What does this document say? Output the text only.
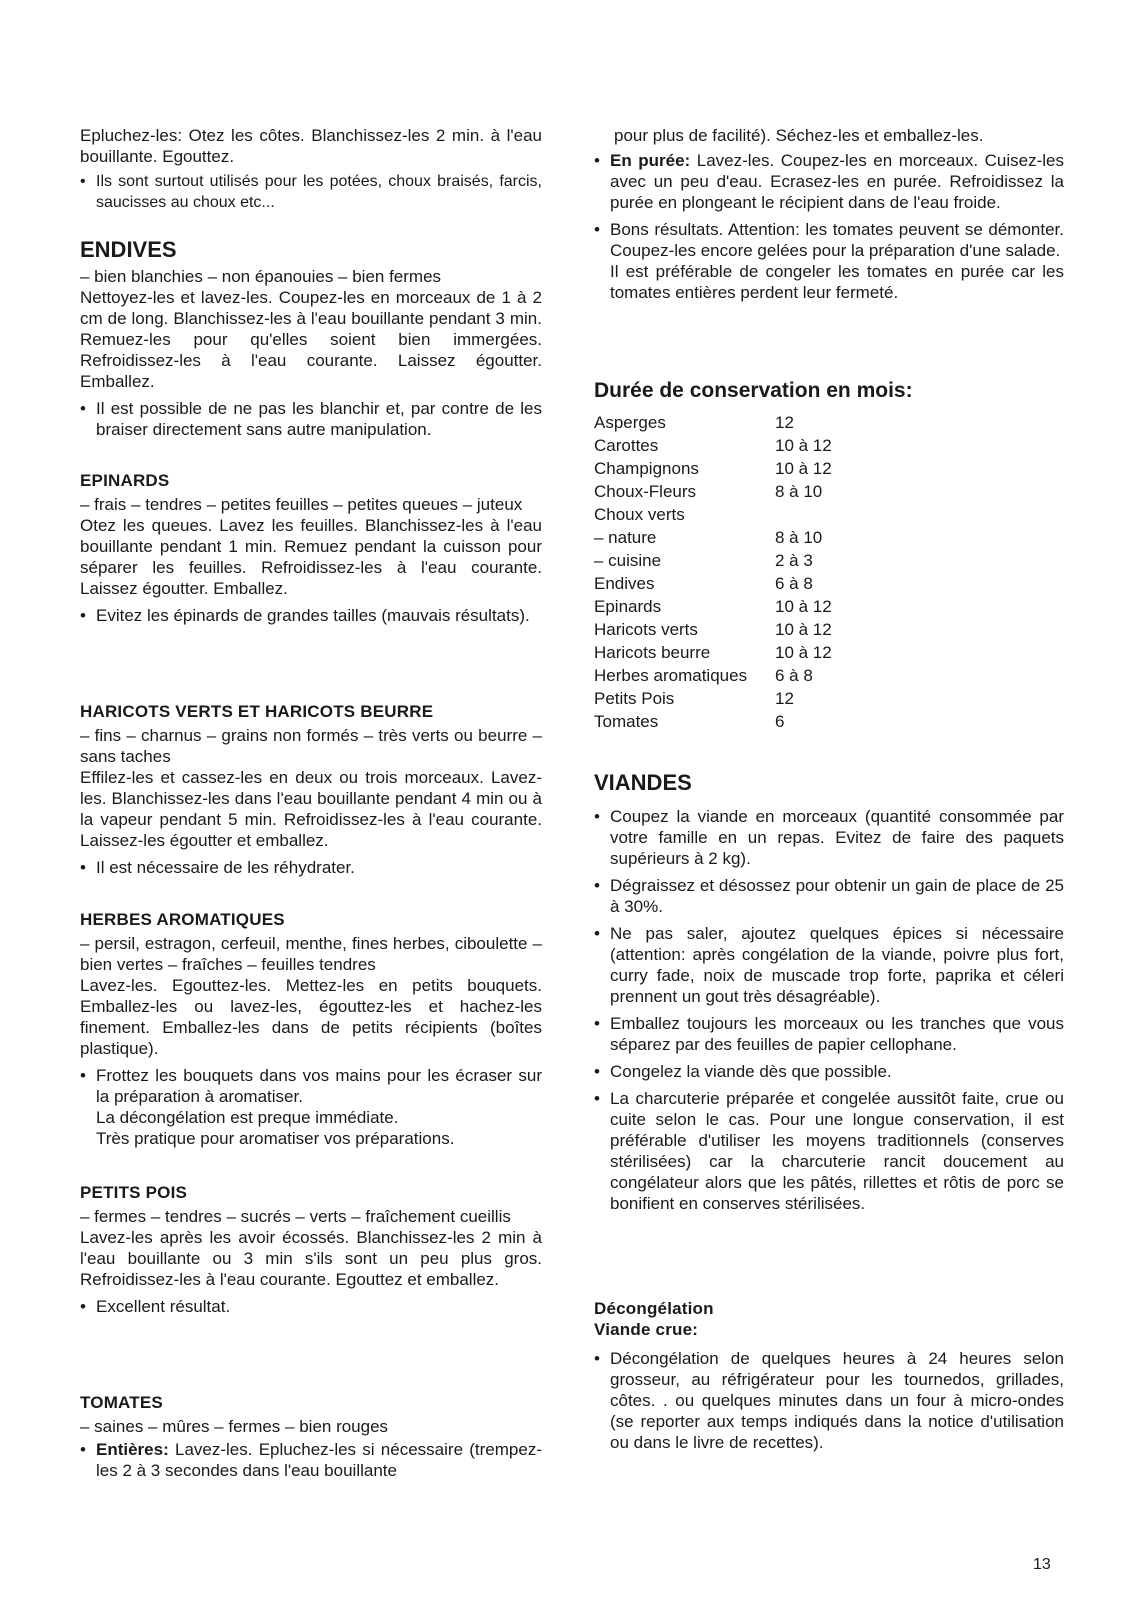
Epluchez-les: Otez les côtes. Blanchissez-les 2 min. à l'eau bouillante. Egouttez.

• Ils sont surtout utilisés pour les potées, choux braisés, farcis, saucisses au choux etc...
ENDIVES

– bien blanchies – non épanouies – bien fermes

Nettoyez-les et lavez-les. Coupez-les en morceaux de 1 à 2 cm de long. Blanchissez-les à l'eau bouillante pendant 3 min. Remuez-les pour qu'elles soient bien immergées. Refroidissez-les à l'eau courante. Laissez égoutter. Emballez.

• Il est possible de ne pas les blanchir et, par contre de les braiser directement sans autre manipulation.
EPINARDS

– frais – tendres – petites feuilles – petites queues – juteux

Otez les queues. Lavez les feuilles. Blanchissez-les à l'eau bouillante pendant 1 min. Remuez pendant la cuisson pour séparer les feuilles. Refroidissez-les à l'eau courante. Laissez égoutter. Emballez.

• Evitez les épinards de grandes tailles (mauvais résultats).
HARICOTS VERTS ET HARICOTS BEURRE

– fins – charnus – grains non formés – très verts ou beurre – sans taches

Effilez-les et cassez-les en deux ou trois morceaux. Lavez-les. Blanchissez-les dans l'eau bouillante pendant 4 min ou à la vapeur pendant 5 min. Refroidissez-les à l'eau courante. Laissez-les égoutter et emballez.

• Il est nécessaire de les réhydrater.
HERBES AROMATIQUES

– persil, estragon, cerfeuil, menthe, fines herbes, ciboulette – bien vertes – fraîches – feuilles tendres

Lavez-les. Egouttez-les. Mettez-les en petits bouquets. Emballez-les ou lavez-les, égouttez-les et hachez-les finement. Emballez-les dans de petits récipients (boîtes plastique).

• Frottez les bouquets dans vos mains pour les écraser sur la préparation à aromatiser.
La décongélation est preque immédiate.
Très pratique pour aromatiser vos préparations.
PETITS POIS

– fermes – tendres – sucrés – verts – fraîchement cueillis

Lavez-les après les avoir écossés. Blanchissez-les 2 min à l'eau bouillante ou 3 min s'ils sont un peu plus gros. Refroidissez-les à l'eau courante. Egouttez et emballez.

• Excellent résultat.
TOMATES

– saines – mûres – fermes – bien rouges

• Entières: Lavez-les. Epluchez-les si nécessaire (trempez-les 2 à 3 secondes dans l'eau bouillante

pour plus de facilité). Séchez-les et emballez-les.

• En purée: Lavez-les. Coupez-les en morceaux. Cuisez-les avec un peu d'eau. Ecrasez-les en purée. Refroidissez la purée en plongeant le récipient dans de l'eau froide.
• Bons résultats. Attention: les tomates peuvent se démonter. Coupez-les encore gelées pour la préparation d'une salade.
Il est préférable de congeler les tomates en purée car les tomates entières perdent leur fermeté.
Durée de conservation en mois:
Asperges	12
Carottes	10 à 12
Champignons	10 à 12
Choux-Fleurs	8 à 10
Choux verts	
– nature	8 à 10
– cuisine	2 à 3
Endives	6 à 8
Epinards	10 à 12
Haricots verts	10 à 12
Haricots beurre	10 à 12
Herbes aromatiques	6 à 8
Petits Pois	12
Tomates	6
VIANDES
• Coupez la viande en morceaux (quantité consommée par votre famille en un repas. Evitez de faire des paquets supérieurs à 2 kg).
• Dégraissez et désossez pour obtenir un gain de place de 25 à 30%.
• Ne pas saler, ajoutez quelques épices si nécessaire (attention: après congélation de la viande, poivre plus fort, curry fade, noix de muscade trop forte, paprika et céleri prennent un gout très désagréable).
• Emballez toujours les morceaux ou les tranches que vous séparez par des feuilles de papier cellophane.
• Congelez la viande dès que possible.
• La charcuterie préparée et congelée aussitôt faite, crue ou cuite selon le cas. Pour une longue conservation, il est préférable d'utiliser les moyens traditionnels (conserves stérilisées) car la charcuterie rancit doucement au congélateur alors que les pâtés, rillettes et rôtis de porc se bonifient en conserves stérilisées.
Décongélation
Viande crue:
• Décongélation de quelques heures à 24 heures selon grosseur, au réfrigérateur pour les tournedos, grillades, côtes. . ou quelques minutes dans un four à micro-ondes (se reporter aux temps indiqués dans la notice d'utilisation ou dans le livre de recettes).
13
